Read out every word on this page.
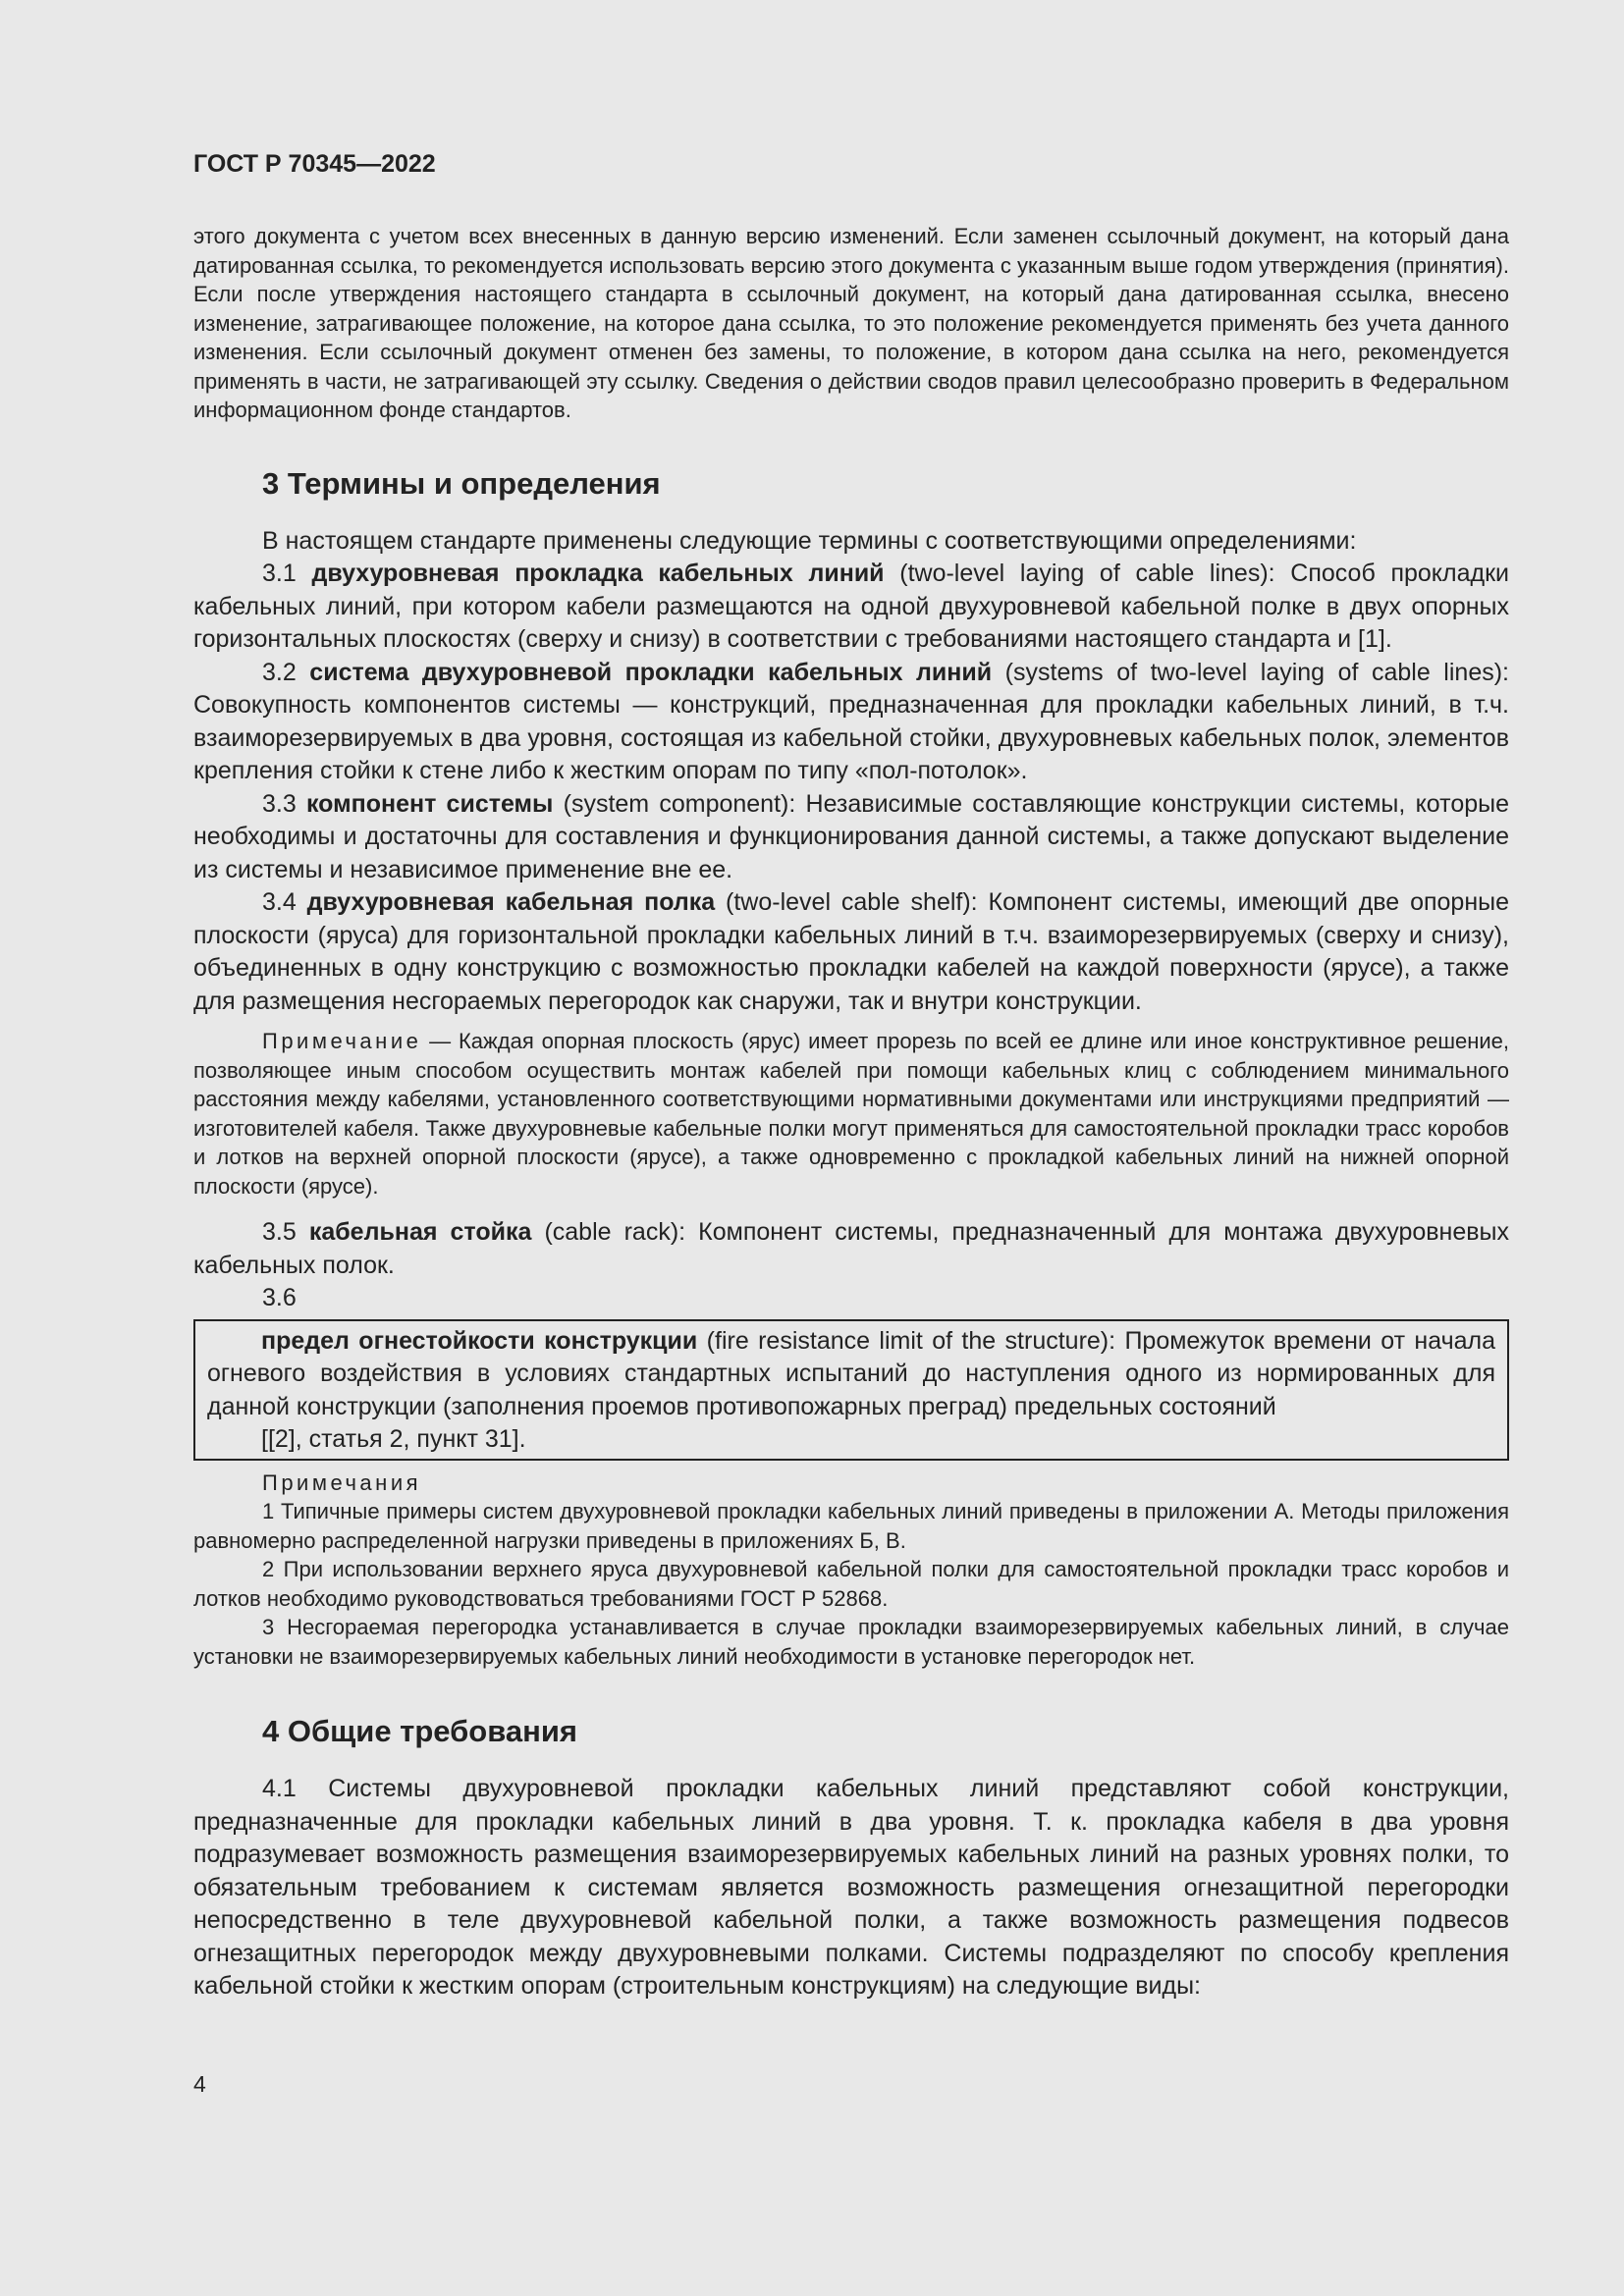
ГОСТ Р 70345—2022

этого документа с учетом всех внесенных в данную версию изменений. Если заменен ссылочный документ, на который дана датированная ссылка, то рекомендуется использовать версию этого документа с указанным выше годом утверждения (принятия). Если после утверждения настоящего стандарта в ссылочный документ, на который дана датированная ссылка, внесено изменение, затрагивающее положение, на которое дана ссылка, то это положение рекомендуется применять без учета данного изменения. Если ссылочный документ отменен без замены, то положение, в котором дана ссылка на него, рекомендуется применять в части, не затрагивающей эту ссылку. Сведения о действии сводов правил целесообразно проверить в Федеральном информационном фонде стандартов.

3 Термины и определения

В настоящем стандарте применены следующие термины с соответствующими определениями:

3.1 двухуровневая прокладка кабельных линий (two-level laying of cable lines): Способ прокладки кабельных линий, при котором кабели размещаются на одной двухуровневой кабельной полке в двух опорных горизонтальных плоскостях (сверху и снизу) в соответствии с требованиями настоящего стандарта и [1].

3.2 система двухуровневой прокладки кабельных линий (systems of two-level laying of cable lines): Совокупность компонентов системы — конструкций, предназначенная для прокладки кабельных линий, в т.ч. взаиморезервируемых в два уровня, состоящая из кабельной стойки, двухуровневых кабельных полок, элементов крепления стойки к стене либо к жестким опорам по типу «пол-потолок».

3.3 компонент системы (system component): Независимые составляющие конструкции системы, которые необходимы и достаточны для составления и функционирования данной системы, а также допускают выделение из системы и независимое применение вне ее.

3.4 двухуровневая кабельная полка (two-level cable shelf): Компонент системы, имеющий две опорные плоскости (яруса) для горизонтальной прокладки кабельных линий в т.ч. взаиморезервируемых (сверху и снизу), объединенных в одну конструкцию с возможностью прокладки кабелей на каждой поверхности (ярусе), а также для размещения несгораемых перегородок как снаружи, так и внутри конструкции.

Примечание — Каждая опорная плоскость (ярус) имеет прорезь по всей ее длине или иное конструктивное решение, позволяющее иным способом осуществить монтаж кабелей при помощи кабельных клиц с соблюдением минимального расстояния между кабелями, установленного соответствующими нормативными документами или инструкциями предприятий — изготовителей кабеля. Также двухуровневые кабельные полки могут применяться для самостоятельной прокладки трасс коробов и лотков на верхней опорной плоскости (ярусе), а также одновременно с прокладкой кабельных линий на нижней опорной плоскости (ярусе).

3.5 кабельная стойка (cable rack): Компонент системы, предназначенный для монтажа двухуровневых кабельных полок.

3.6

предел огнестойкости конструкции (fire resistance limit of the structure): Промежуток времени от начала огневого воздействия в условиях стандартных испытаний до наступления одного из нормированных для данной конструкции (заполнения проемов противопожарных преград) предельных состояний

[[2], статья 2, пункт 31].

Примечания

1 Типичные примеры систем двухуровневой прокладки кабельных линий приведены в приложении А. Методы приложения равномерно распределенной нагрузки приведены в приложениях Б, В.

2 При использовании верхнего яруса двухуровневой кабельной полки для самостоятельной прокладки трасс коробов и лотков необходимо руководствоваться требованиями ГОСТ Р 52868.

3 Несгораемая перегородка устанавливается в случае прокладки взаиморезервируемых кабельных линий, в случае установки не взаиморезервируемых кабельных линий необходимости в установке перегородок нет.

4 Общие требования

4.1 Системы двухуровневой прокладки кабельных линий представляют собой конструкции, предназначенные для прокладки кабельных линий в два уровня. Т. к. прокладка кабеля в два уровня подразумевает возможность размещения взаиморезервируемых кабельных линий на разных уровнях полки, то обязательным требованием к системам является возможность размещения огнезащитной перегородки непосредственно в теле двухуровневой кабельной полки, а также возможность размещения подвесов огнезащитных перегородок между двухуровневыми полками. Системы подразделяют по способу крепления кабельной стойки к жестким опорам (строительным конструкциям) на следующие виды:

4
